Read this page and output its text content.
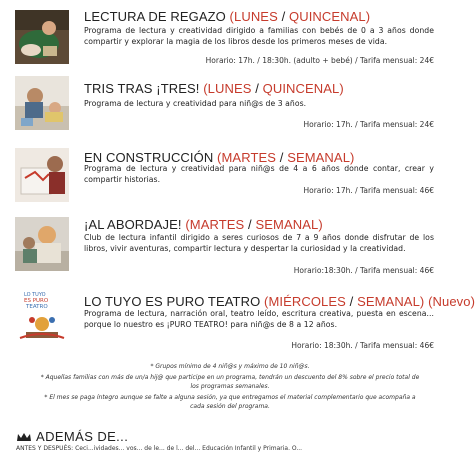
LECTURA DE REGAZO (LUNES / QUINCENAL)
Programa de lectura y creatividad dirigido a familias con bebés de 0 a 3 años donde compartir y explorar la magia de los libros desde los primeros meses de vida.
Horario: 17h. / 18:30h. (adulto + bebé) / Tarifa mensual: 24€
TRIS TRAS ¡TRES! (LUNES / QUINCENAL)
Programa de lectura y creatividad para niñ@s de 3 años.
Horario: 17h. / Tarifa mensual: 24€
EN CONSTRUCCIÓN (MARTES / SEMANAL)
Programa de lectura y creatividad para niñ@s de 4 a 6 años donde contar, crear y compartir historias.
Horario: 17h. / Tarifa mensual: 46€
¡AL ABORDAJE! (MARTES / SEMANAL)
Club de lectura infantil dirigido a seres curiosos de 7 a 9 años donde disfrutar de los libros, vivir aventuras, compartir lectura y despertar la curiosidad y la creatividad.
Horario:18:30h. / Tarifa mensual: 46€
LO TUYO
ES PURO
TEATRO	LO TUYO ES PURO TEATRO (MIÉRCOLES / SEMANAL) (Nuevo)
Programa de lectura, narración oral, teatro leído, escritura creativa, puesta en escena... porque lo nuestro es ¡PURO TEATRO! para niñ@s de 8 a 12 años.
Horario: 18:30h. / Tarifa mensual: 46€

* Grupos mínimo de 4 niñ@s y máximo de 10 niñ@s.

* Aquellas familias con más de un/a hij@ que participe en un programa, tendrán un descuento del 8% sobre el precio total de los programas semanales.

* El mes se paga íntegro aunque se falte a alguna sesión, ya que entregamos el material complementario que acompaña a cada sesión del programa.

ADEMÁS DE...
ANTES Y DESPUÉS: Ceci...ividades... vos... de le... de l... del... Educación Infantil y Primaria. O...
